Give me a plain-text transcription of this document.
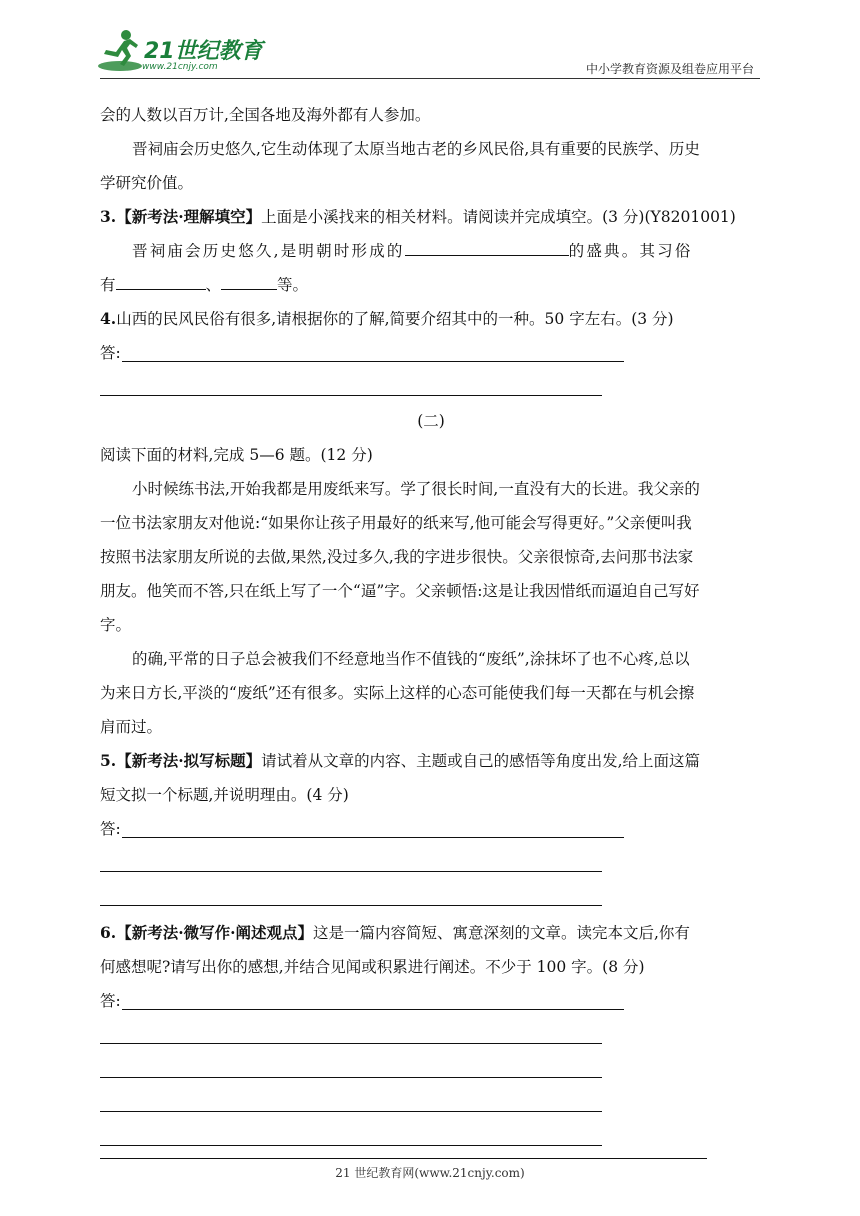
21世纪教育
www.21cnjy.com	中小学教育资源及组卷应用平台
会的人数以百万计,全国各地及海外都有人参加。
晋祠庙会历史悠久,它生动体现了太原当地古老的乡风民俗,具有重要的民族学、历史
学研究价值。
3.【新考法·理解填空】上面是小溪找来的相关材料。请阅读并完成填空。(3 分)(Y8201001)
晋祠庙会历史悠久,是明朝时形成的	的盛典。其习俗
有	、	等。
4.山西的民风民俗有很多,请根据你的了解,简要介绍其中的一种。50 字左右。(3 分)
答:
(二)
阅读下面的材料,完成 5—6 题。(12 分)
小时候练书法,开始我都是用废纸来写。学了很长时间,一直没有大的长进。我父亲的
一位书法家朋友对他说:“如果你让孩子用最好的纸来写,他可能会写得更好。”父亲便叫我
按照书法家朋友所说的去做,果然,没过多久,我的字进步很快。父亲很惊奇,去问那书法家
朋友。他笑而不答,只在纸上写了一个“逼”字。父亲顿悟:这是让我因惜纸而逼迫自己写好
字。
的确,平常的日子总会被我们不经意地当作不值钱的“废纸”,涂抹坏了也不心疼,总以
为来日方长,平淡的“废纸”还有很多。实际上这样的心态可能使我们每一天都在与机会擦
肩而过。
5.【新考法·拟写标题】请试着从文章的内容、主题或自己的感悟等角度出发,给上面这篇
短文拟一个标题,并说明理由。(4 分)
答:
6.【新考法·微写作·阐述观点】这是一篇内容简短、寓意深刻的文章。读完本文后,你有
何感想呢?请写出你的感想,并结合见闻或积累进行阐述。不少于 100 字。(8 分)
答:
21 世纪教育网(www.21cnjy.com)
